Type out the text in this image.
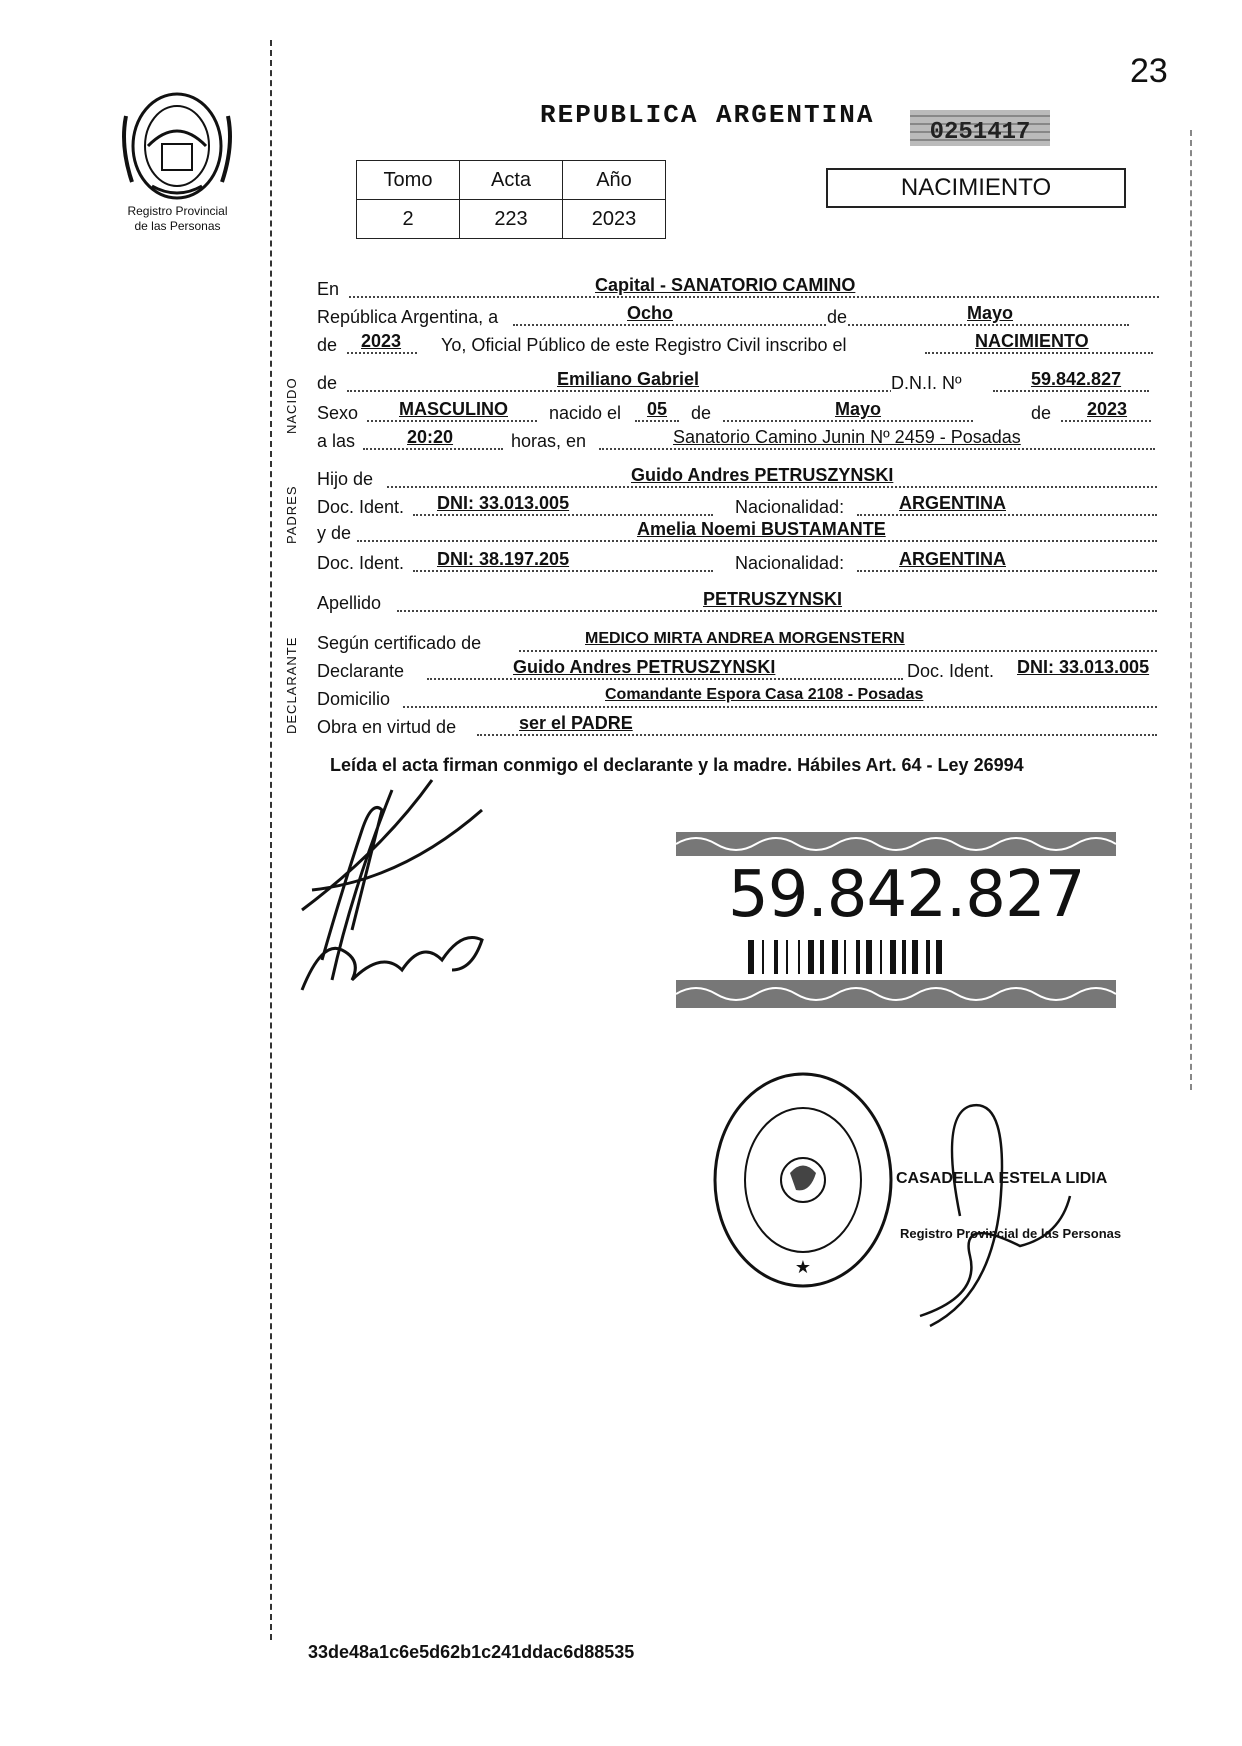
23
Registro Provincial
de las Personas
REPUBLICA ARGENTINA
0251417
Tomo	Acta	Año
2	223	2023
NACIMIENTO
NACIDO
PADRES
DECLARANTE
En	Capital - SANATORIO CAMINO
República Argentina, a	Ocho	de	Mayo
de 2023 Yo, Oficial Público de este Registro Civil inscribo el	NACIMIENTO
de	Emiliano Gabriel	D.N.I. Nº	59.842.827
Sexo MASCULINO nacido el 05 de	Mayo	de 2023
a las	20:20	horas, en	Sanatorio Camino Junin Nº 2459 - Posadas
Hijo de	Guido Andres PETRUSZYNSKI
Doc. Ident. DNI: 33.013.005	Nacionalidad:	ARGENTINA
y de	Amelia Noemi BUSTAMANTE
Doc. Ident. DNI: 38.197.205	Nacionalidad:	ARGENTINA
Apellido	PETRUSZYNSKI
Según certificado de	MEDICO MIRTA ANDREA MORGENSTERN
Declarante	Guido Andres PETRUSZYNSKI	Doc. Ident. DNI: 33.013.005
Domicilio	Comandante Espora Casa 2108 - Posadas
Obra en virtud de	ser el PADRE
Leída el acta firman conmigo el declarante y la madre. Hábiles Art. 64 - Ley 26994
59.842.827
★
CASADELLA ESTELA LIDIA
Registro Provincial de las Personas
33de48a1c6e5d62b1c241ddac6d88535
